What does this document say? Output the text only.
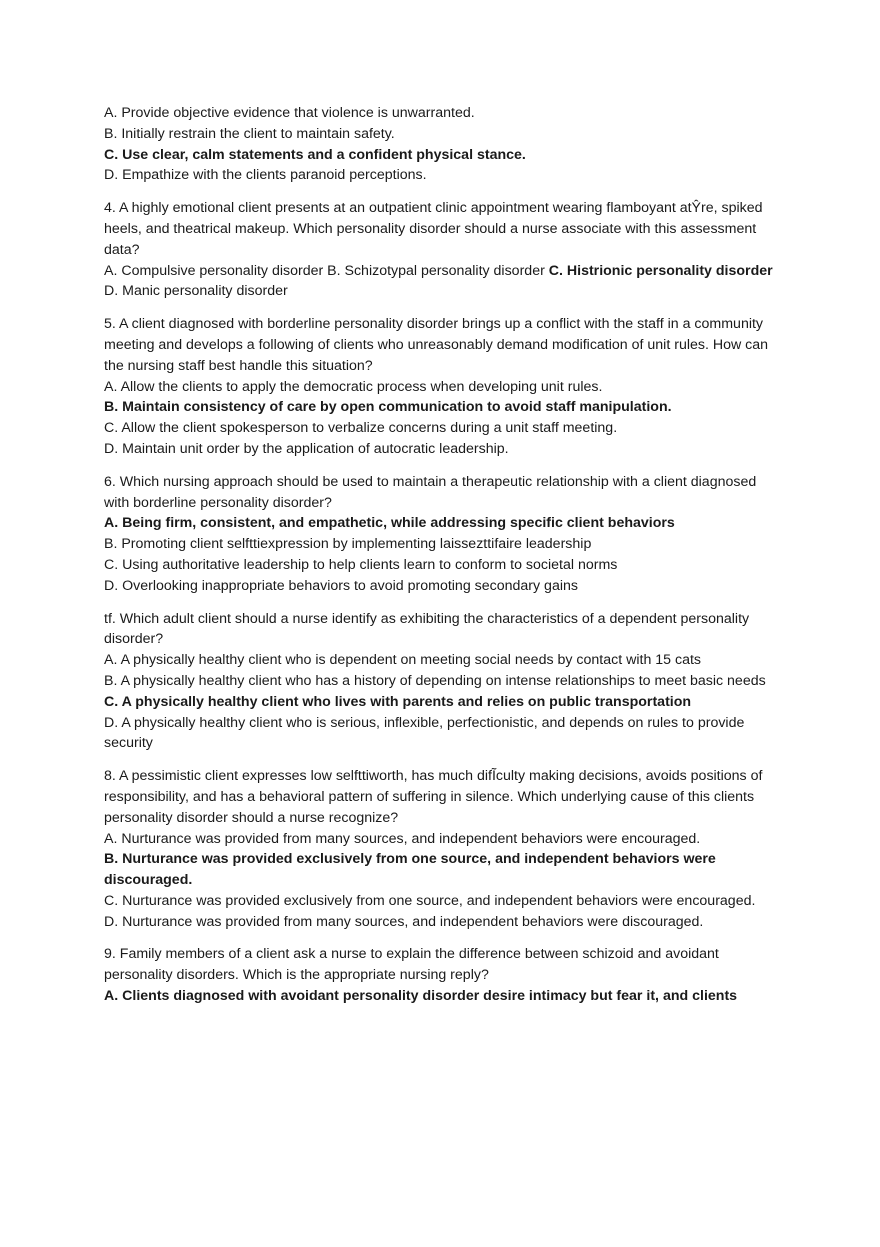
A. Provide objective evidence that violence is unwarranted.
B. Initially restrain the client to maintain safety.
C. Use clear, calm statements and a confident physical stance.
D. Empathize with the clients paranoid perceptions.
4. A highly emotional client presents at an outpatient clinic appointment wearing flamboyant atŶre, spiked heels, and theatrical makeup. Which personality disorder should a nurse associate with this assessment data?
A. Compulsive personality disorder B. Schizotypal personality disorder C. Histrionic personality disorder
D. Manic personality disorder
5. A client diagnosed with borderline personality disorder brings up a conflict with the staff in a community meeting and develops a following of clients who unreasonably demand modification of unit rules. How can the nursing staff best handle this situation?
A. Allow the clients to apply the democratic process when developing unit rules.
B. Maintain consistency of care by open communication to avoid staff manipulation.
C. Allow the client spokesperson to verbalize concerns during a unit staff meeting.
D. Maintain unit order by the application of autocratic leadership.
6. Which nursing approach should be used to maintain a therapeutic relationship with a client diagnosed with borderline personality disorder?
A. Being firm, consistent, and empathetic, while addressing specific client behaviors
B. Promoting client selfttiexpression by implementing laissezttifaire leadership
C. Using authoritative leadership to help clients learn to conform to societal norms
D. Overlooking inappropriate behaviors to avoid promoting secondary gains
tf. Which adult client should a nurse identify as exhibiting the characteristics of a dependent personality disorder?
A. A physically healthy client who is dependent on meeting social needs by contact with 15 cats
B. A physically healthy client who has a history of depending on intense relationships to meet basic needs
C. A physically healthy client who lives with parents and relies on public transportation
D. A physically healthy client who is serious, inflexible, perfectionistic, and depends on rules to provide security
8. A pessimistic client expresses low selfttiworth, has much difĨculty making decisions, avoids positions of responsibility, and has a behavioral pattern of suffering in silence. Which underlying cause of this clients personality disorder should a nurse recognize?
A. Nurturance was provided from many sources, and independent behaviors were encouraged.
B. Nurturance was provided exclusively from one source, and independent behaviors were discouraged.
C. Nurturance was provided exclusively from one source, and independent behaviors were encouraged.
D. Nurturance was provided from many sources, and independent behaviors were discouraged.
9. Family members of a client ask a nurse to explain the difference between schizoid and avoidant personality disorders. Which is the appropriate nursing reply?
A. Clients diagnosed with avoidant personality disorder desire intimacy but fear it, and clients
